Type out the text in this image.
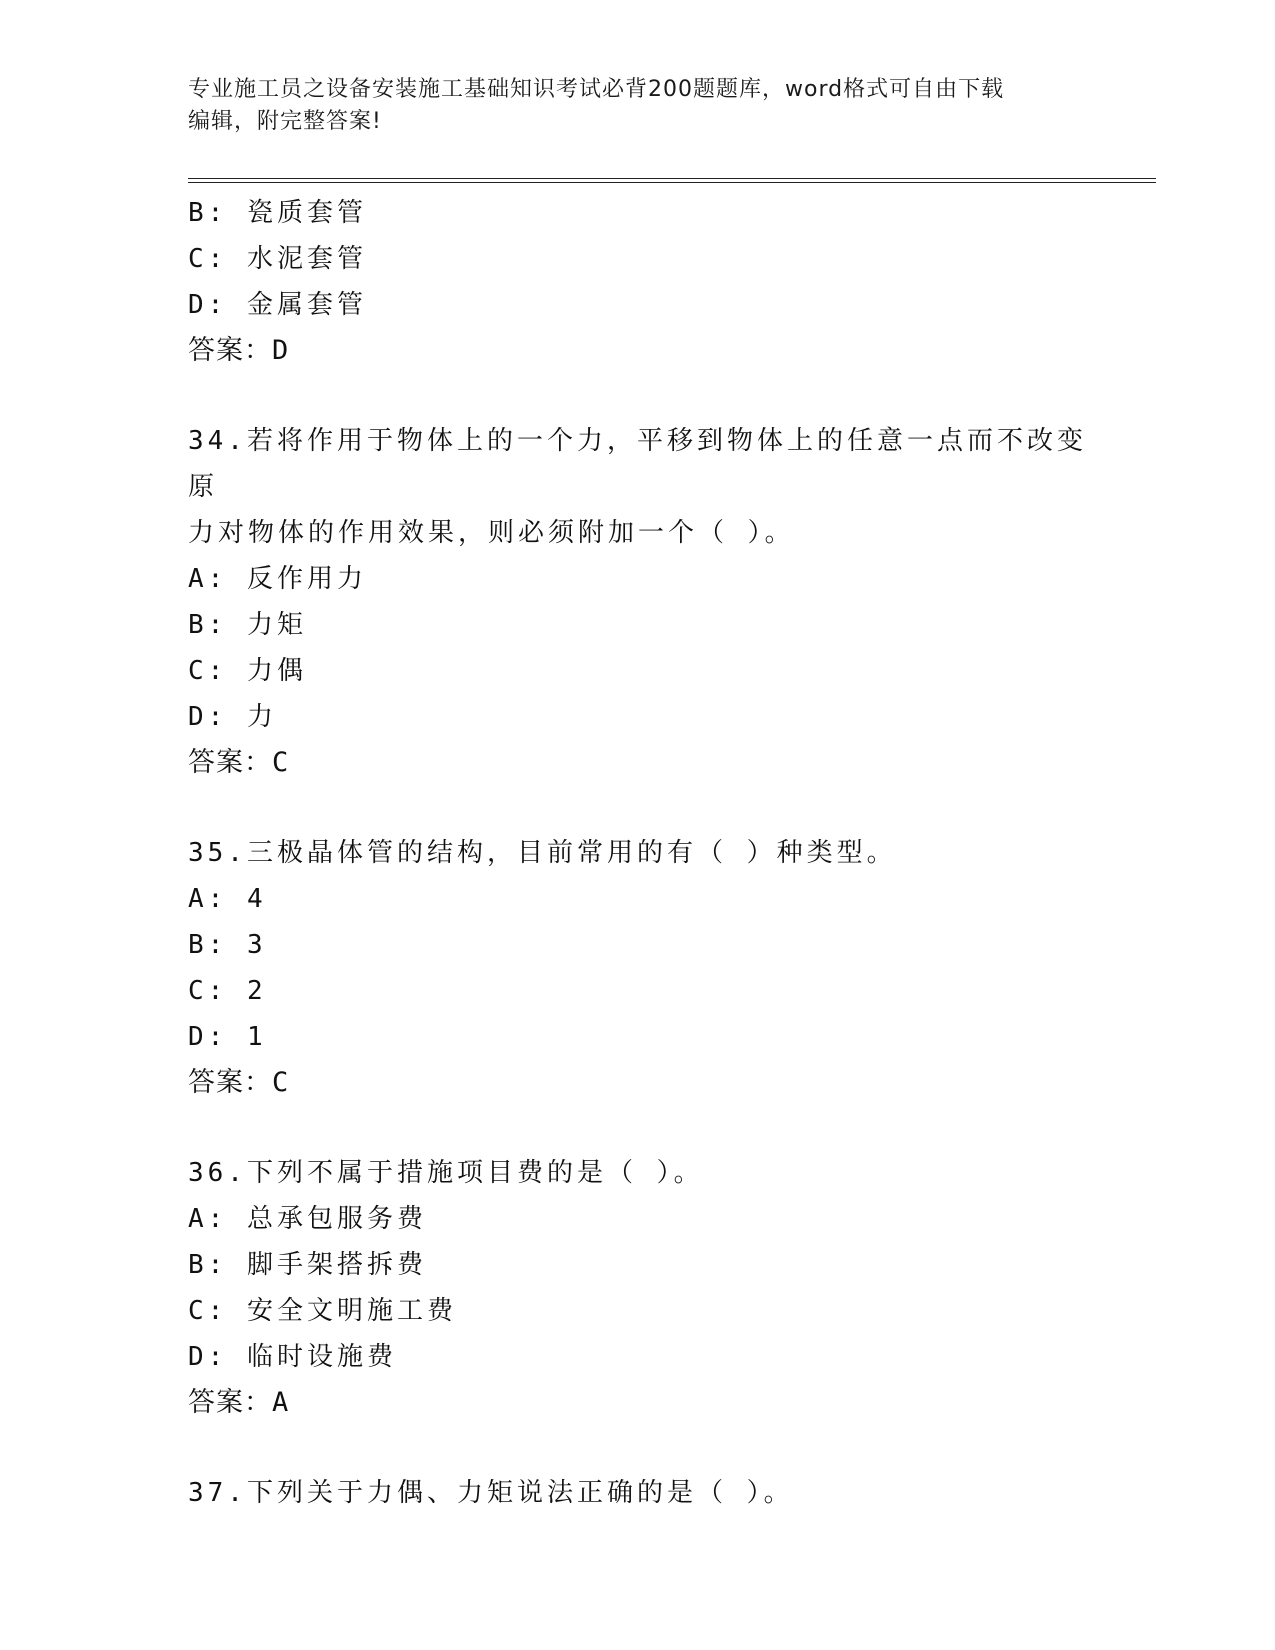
专业施工员之设备安装施工基础知识考试必背200题题库，word格式可自由下载
编辑，附完整答案!
B: 瓷质套管
C: 水泥套管
D: 金属套管
答案：D
34.若将作用于物体上的一个力，平移到物体上的任意一点而不改变原
力对物体的作用效果，则必须附加一个（ ）。
A: 反作用力
B: 力矩
C: 力偶
D: 力
答案：C
35.三极晶体管的结构，目前常用的有（ ）种类型。
A: 4
B: 3
C: 2
D: 1
答案：C
36.下列不属于措施项目费的是（ ）。
A: 总承包服务费
B: 脚手架搭拆费
C: 安全文明施工费
D: 临时设施费
答案：A
37.下列关于力偶、力矩说法正确的是（ ）。
